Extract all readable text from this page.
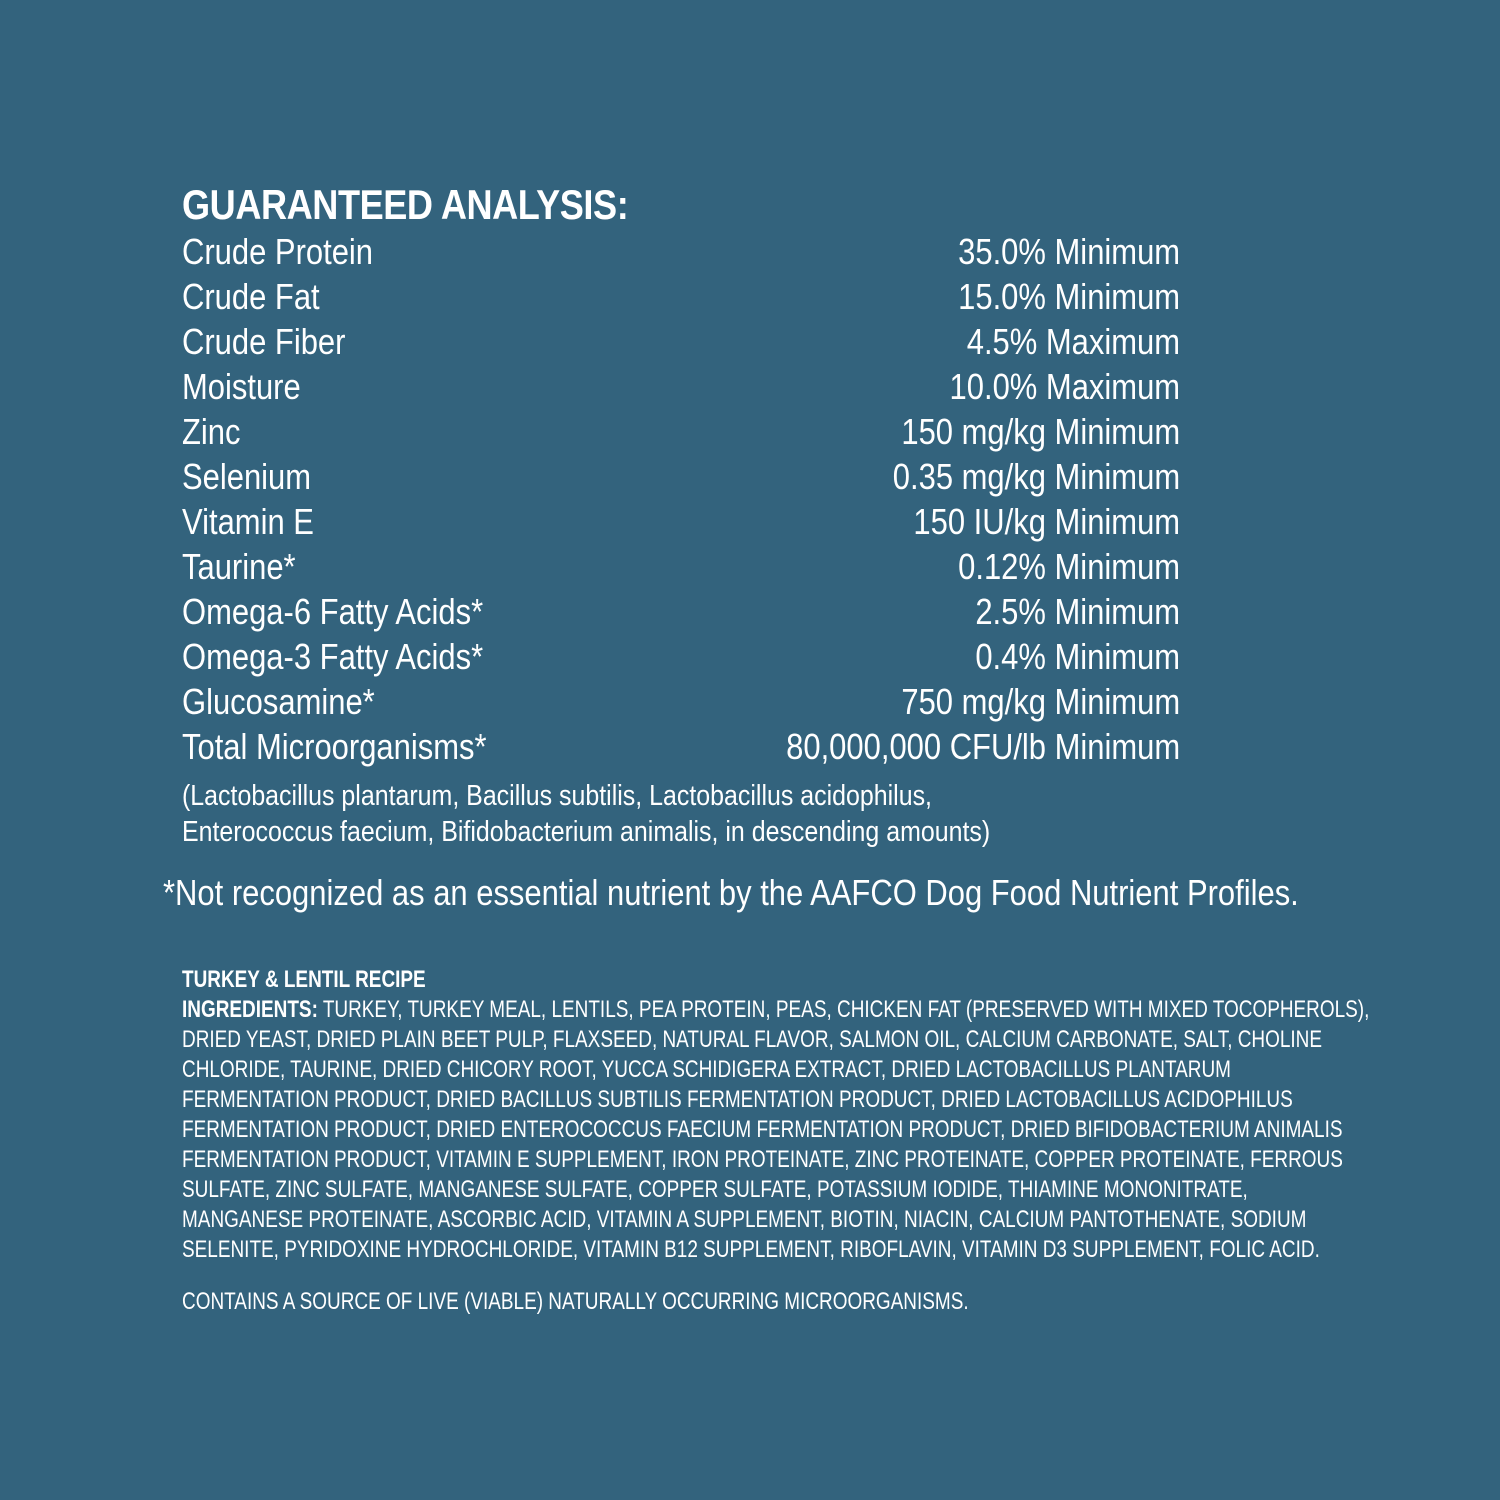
GUARANTEED ANALYSIS:
Crude Protein	35.0% Minimum
Crude Fat	15.0% Minimum
Crude Fiber	4.5% Maximum
Moisture	10.0% Maximum
Zinc	150 mg/kg Minimum
Selenium	0.35 mg/kg Minimum
Vitamin E	150 IU/kg Minimum
Taurine*	0.12% Minimum
Omega-6 Fatty Acids*	2.5% Minimum
Omega-3 Fatty Acids*	0.4% Minimum
Glucosamine*	750 mg/kg Minimum
Total Microorganisms*	80,000,000 CFU/lb Minimum
(Lactobacillus plantarum, Bacillus subtilis, Lactobacillus acidophilus,
Enterococcus faecium, Bifidobacterium animalis, in descending amounts)
*Not recognized as an essential nutrient by the AAFCO Dog Food Nutrient Profiles.
TURKEY & LENTIL RECIPE
INGREDIENTS: TURKEY, TURKEY MEAL, LENTILS, PEA PROTEIN, PEAS, CHICKEN FAT (PRESERVED WITH MIXED TOCOPHEROLS),
DRIED YEAST, DRIED PLAIN BEET PULP, FLAXSEED, NATURAL FLAVOR, SALMON OIL, CALCIUM CARBONATE, SALT, CHOLINE
CHLORIDE, TAURINE, DRIED CHICORY ROOT, YUCCA SCHIDIGERA EXTRACT, DRIED LACTOBACILLUS PLANTARUM
FERMENTATION PRODUCT, DRIED BACILLUS SUBTILIS FERMENTATION PRODUCT, DRIED LACTOBACILLUS ACIDOPHILUS
FERMENTATION PRODUCT, DRIED ENTEROCOCCUS FAECIUM FERMENTATION PRODUCT, DRIED BIFIDOBACTERIUM ANIMALIS
FERMENTATION PRODUCT, VITAMIN E SUPPLEMENT, IRON PROTEINATE, ZINC PROTEINATE, COPPER PROTEINATE, FERROUS
SULFATE, ZINC SULFATE, MANGANESE SULFATE, COPPER SULFATE, POTASSIUM IODIDE, THIAMINE MONONITRATE,
MANGANESE PROTEINATE, ASCORBIC ACID, VITAMIN A SUPPLEMENT, BIOTIN, NIACIN, CALCIUM PANTOTHENATE, SODIUM
SELENITE, PYRIDOXINE HYDROCHLORIDE, VITAMIN B12 SUPPLEMENT, RIBOFLAVIN, VITAMIN D3 SUPPLEMENT, FOLIC ACID.
CONTAINS A SOURCE OF LIVE (VIABLE) NATURALLY OCCURRING MICROORGANISMS.
